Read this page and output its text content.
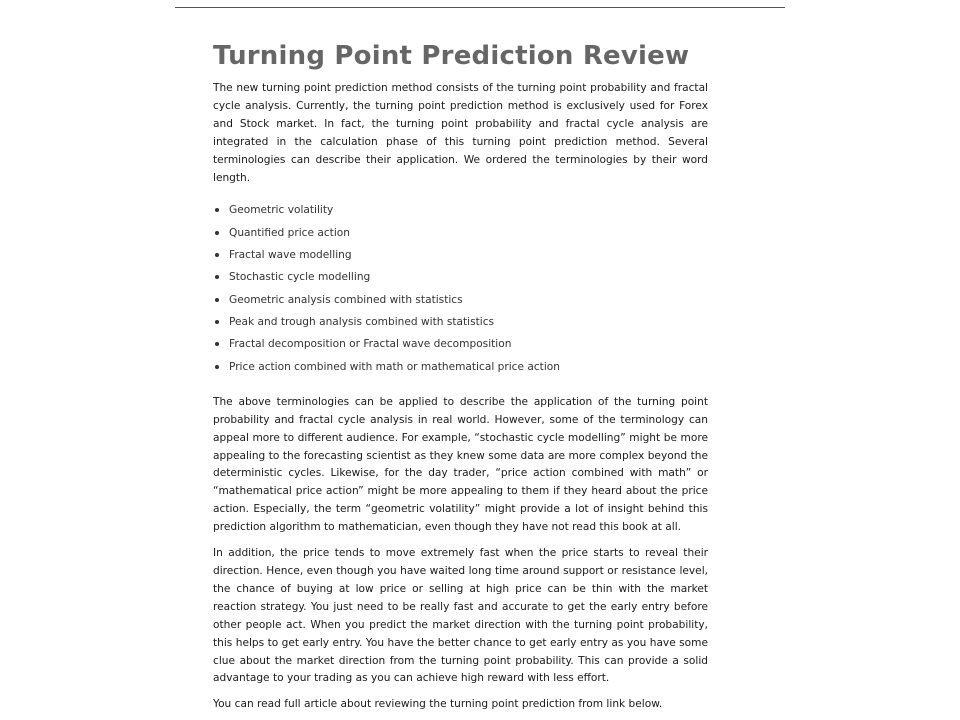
Turning Point Prediction Review

The new turning point prediction method consists of the turning point probability and fractal cycle analysis. Currently, the turning point prediction method is exclusively used for Forex and Stock market. In fact, the turning point probability and fractal cycle analysis are integrated in the calculation phase of this turning point prediction method. Several terminologies can describe their application. We ordered the terminologies by their word length.

Geometric volatility
Quantified price action
Fractal wave modelling
Stochastic cycle modelling
Geometric analysis combined with statistics
Peak and trough analysis combined with statistics
Fractal decomposition or Fractal wave decomposition
Price action combined with math or mathematical price action

The above terminologies can be applied to describe the application of the turning point probability and fractal cycle analysis in real world. However, some of the terminology can appeal more to different audience. For example, “stochastic cycle modelling” might be more appealing to the forecasting scientist as they knew some data are more complex beyond the deterministic cycles. Likewise, for the day trader, “price action combined with math” or “mathematical price action” might be more appealing to them if they heard about the price action. Especially, the term “geometric volatility” might provide a lot of insight behind this prediction algorithm to mathematician, even though they have not read this book at all.

In addition, the price tends to move extremely fast when the price starts to reveal their direction. Hence, even though you have waited long time around support or resistance level, the chance of buying at low price or selling at high price can be thin with the market reaction strategy. You just need to be really fast and accurate to get the early entry before other people act. When you predict the market direction with the turning point probability, this helps to get early entry. You have the better chance to get early entry as you have some clue about the market direction from the turning point probability. This can provide a solid advantage to your trading as you can achieve high reward with less effort.

You can read full article about reviewing the turning point prediction from link below.
